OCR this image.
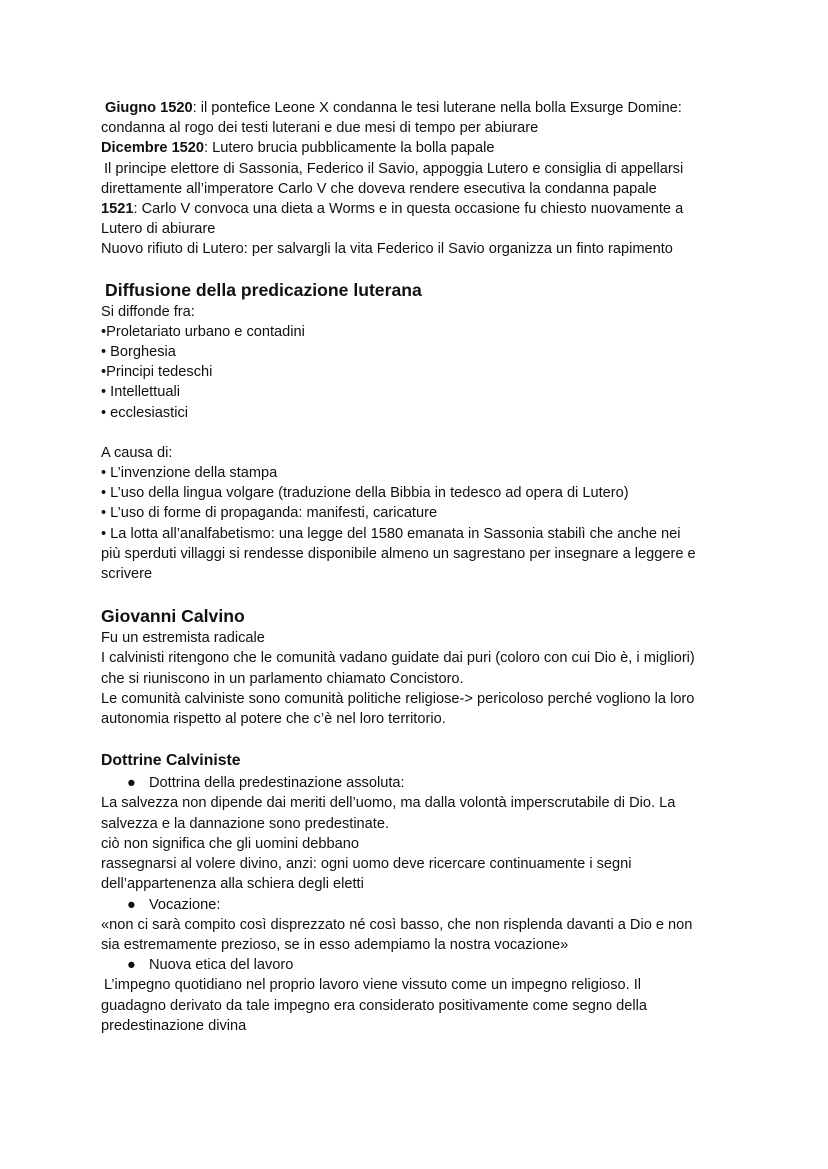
Giugno 1520: il pontefice Leone X condanna le tesi luterane nella bolla Exsurge Domine:

condanna al rogo dei testi luterani e due mesi di tempo per abiurare

Dicembre 1520: Lutero brucia pubblicamente la bolla papale

Il principe elettore di Sassonia, Federico il Savio, appoggia Lutero e consiglia di appellarsi

direttamente all’imperatore Carlo V che doveva rendere esecutiva la condanna papale

1521: Carlo V convoca una dieta a Worms e in questa occasione fu chiesto nuovamente a

Lutero di abiurare

Nuovo rifiuto di Lutero: per salvargli la vita Federico il Savio organizza un finto rapimento

Diffusione della predicazione luterana

Si diffonde fra:

•Proletariato urbano e contadini

• Borghesia

•Principi tedeschi

• Intellettuali

• ecclesiastici

A causa di:

• L’invenzione della stampa

• L’uso della lingua volgare (traduzione della Bibbia in tedesco ad opera di Lutero)

• L’uso di forme di propaganda: manifesti, caricature

• La lotta all’analfabetismo: una legge del 1580 emanata in Sassonia stabilì che anche nei

più sperduti villaggi si rendesse disponibile almeno un sagrestano per insegnare a leggere e

scrivere

Giovanni Calvino

Fu un estremista radicale

I calvinisti ritengono che le comunità vadano guidate dai puri (coloro con cui Dio è, i migliori)

che si riuniscono in un parlamento chiamato Concistoro.

Le comunità calviniste sono comunità politiche religiose-> pericoloso perché vogliono la loro

autonomia rispetto al potere che c’è nel loro territorio.

Dottrine Calviniste

● Dottrina della predestinazione assoluta:

La salvezza non dipende dai meriti dell’uomo, ma dalla volontà imperscrutabile di Dio. La

salvezza e la dannazione sono predestinate.

ciò non significa che gli uomini debbano

rassegnarsi al volere divino, anzi: ogni uomo deve ricercare continuamente i segni

dell’appartenenza alla schiera degli eletti

● Vocazione:

«non ci sarà compito così disprezzato né così basso, che non risplenda davanti a Dio e non

sia estremamente prezioso, se in esso adempiamo la nostra vocazione»

● Nuova etica del lavoro

L’impegno quotidiano nel proprio lavoro viene vissuto come un impegno religioso. Il

guadagno derivato da tale impegno era considerato positivamente come segno della

predestinazione divina
